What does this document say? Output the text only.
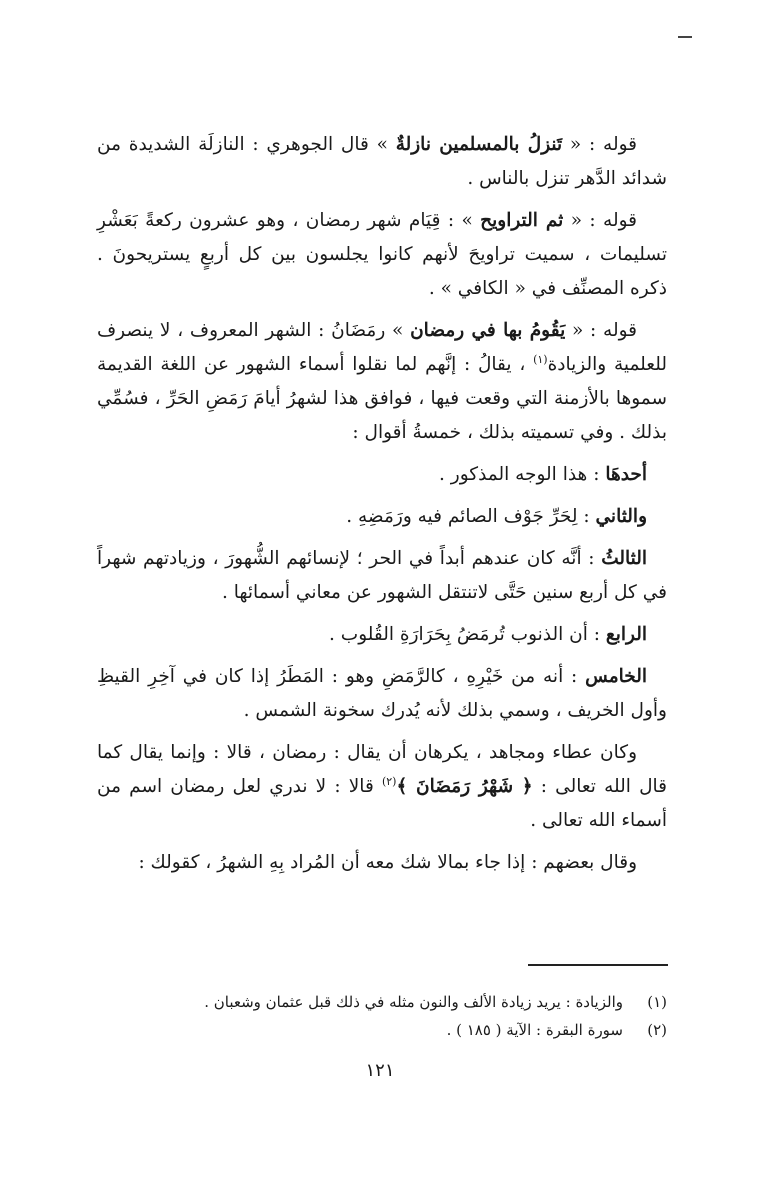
قوله : « تَنزلُ بالمسلمين نازلةٌ » قال الجوهري : النازلَة الشديدة من شدائد الدَّهر تنزل بالناس .

قوله : « ثم التراويح » : قِيَام شهر رمضان ، وهو عشرون ركعةً بَعَشْرِ تسليمات ، سميت تراويحَ لأنهم كانوا يجلسون بين كل أربعٍ يستريحونَ . ذكره المصنِّف في « الكافي » .

قوله : « يَقُومُ بها في رمضان » رمَضَانُ : الشهر المعروف ، لا ينصرف للعلمية والزيادة$^{(١)}$ ، يقالُ : إنَّهم لما نقلوا أسماء الشهور عن اللغة القديمة سموها بالأزمنة التي وقعت فيها ، فوافق هذا لشهرُ أيامَ رَمَضِ الحَرِّ ، فسُمِّي بذلك . وفي تسميته بذلك ، خمسةُ أقوال :

أحدهَا : هذا الوجه المذكور .

والثاني : لِحَرِّ جَوْف الصائم فيه ورَمَضِهِ .

الثالثُ : أنَّه كان عندهم أبداً في الحر ؛ لإنسائهم الشُّهورَ ، وزيادتهم شهراً في كل أربع سنين حَتَّى لاتنتقل الشهور عن معاني أسمائها .

الرابع : أن الذنوب تُرمَضُ بِحَرَارَةِ القُلوب .

الخامس : أنه من خَيْرِهِ ، كالرَّمَضِ وهو : المَطَرُ إذا كان في آخِرِ القيظِ وأول الخريف ، وسمي بذلك لأنه يُدرك سخونة الشمس .

وكان عطاء ومجاهد ، يكرهان أن يقال : رمضان ، قالا : وإنما يقال كما قال الله تعالى : ﴿ شَهْرُ رَمَضَانَ ﴾$^{(٢)}$ قالا : لا ندري لعل رمضان اسم من أسماء الله تعالى .

وقال بعضهم : إذا جاء بمالا شك معه أن المُراد بِهِ الشهرُ ، كقولك :

(١)
والزيادة : يريد زيادة الألف والنون مثله في ذلك قبل عثمان وشعبان .
(٢)
سورة البقرة : الآية ( ١٨٥ ) .
١٢١
